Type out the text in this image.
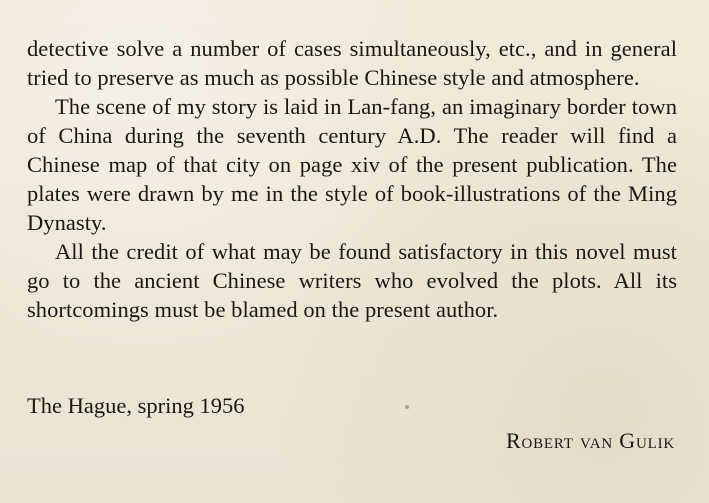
detective solve a number of cases simultaneously, etc., and in general tried to preserve as much as possible Chinese style and atmosphere.

The scene of my story is laid in Lan-fang, an imaginary border town of China during the seventh century A.D. The reader will find a Chinese map of that city on page xiv of the present publication. The plates were drawn by me in the style of book-illustrations of the Ming Dynasty.

All the credit of what may be found satisfactory in this novel must go to the ancient Chinese writers who evolved the plots. All its shortcomings must be blamed on the present author.

The Hague, spring 1956
Robert van Gulik
